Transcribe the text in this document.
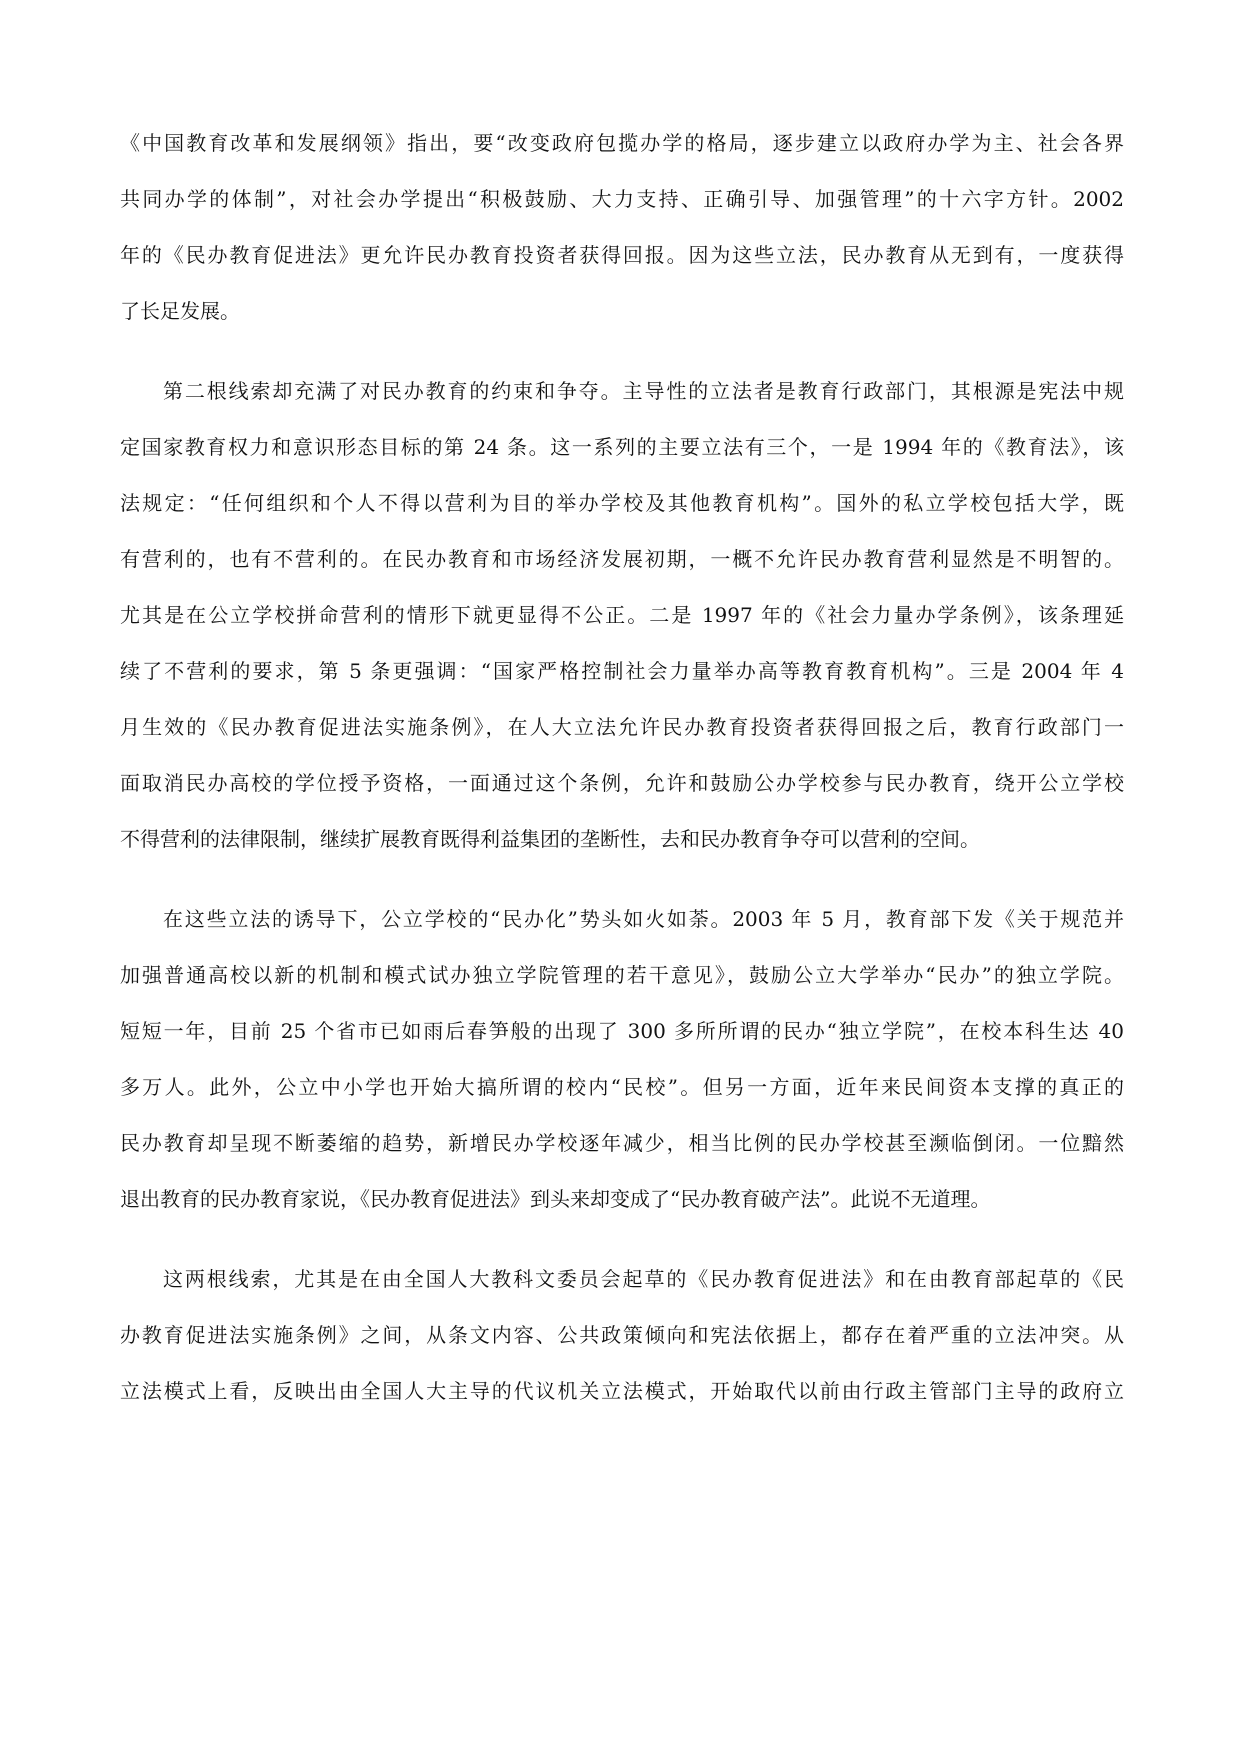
《中国教育改革和发展纲领》指出，要“改变政府包揽办学的格局，逐步建立以政府办学为主、社会各界
共同办学的体制”，对社会办学提出“积极鼓励、大力支持、正确引导、加强管理”的十六字方针。2002
年的《民办教育促进法》更允许民办教育投资者获得回报。因为这些立法，民办教育从无到有，一度获得
了长足发展。
第二根线索却充满了对民办教育的约束和争夺。主导性的立法者是教育行政部门，其根源是宪法中规
定国家教育权力和意识形态目标的第 24 条。这一系列的主要立法有三个，一是 1994 年的《教育法》，该
法规定：“任何组织和个人不得以营利为目的举办学校及其他教育机构”。国外的私立学校包括大学，既
有营利的，也有不营利的。在民办教育和市场经济发展初期，一概不允许民办教育营利显然是不明智的。
尤其是在公立学校拼命营利的情形下就更显得不公正。二是 1997 年的《社会力量办学条例》，该条理延
续了不营利的要求，第 5 条更强调：“国家严格控制社会力量举办高等教育教育机构”。三是 2004 年 4
月生效的《民办教育促进法实施条例》，在人大立法允许民办教育投资者获得回报之后，教育行政部门一
面取消民办高校的学位授予资格，一面通过这个条例，允许和鼓励公办学校参与民办教育，绕开公立学校
不得营利的法律限制，继续扩展教育既得利益集团的垄断性，去和民办教育争夺可以营利的空间。
在这些立法的诱导下，公立学校的“民办化”势头如火如荼。2003 年 5 月，教育部下发《关于规范并
加强普通高校以新的机制和模式试办独立学院管理的若干意见》，鼓励公立大学举办“民办”的独立学院。
短短一年，目前 25 个省市已如雨后春笋般的出现了 300 多所所谓的民办“独立学院”，在校本科生达 40
多万人。此外，公立中小学也开始大搞所谓的校内“民校”。但另一方面，近年来民间资本支撑的真正的
民办教育却呈现不断萎缩的趋势，新增民办学校逐年减少，相当比例的民办学校甚至濒临倒闭。一位黯然
退出教育的民办教育家说，《民办教育促进法》到头来却变成了“民办教育破产法”。此说不无道理。
这两根线索，尤其是在由全国人大教科文委员会起草的《民办教育促进法》和在由教育部起草的《民
办教育促进法实施条例》之间，从条文内容、公共政策倾向和宪法依据上，都存在着严重的立法冲突。从
立法模式上看，反映出由全国人大主导的代议机关立法模式，开始取代以前由行政主管部门主导的政府立
